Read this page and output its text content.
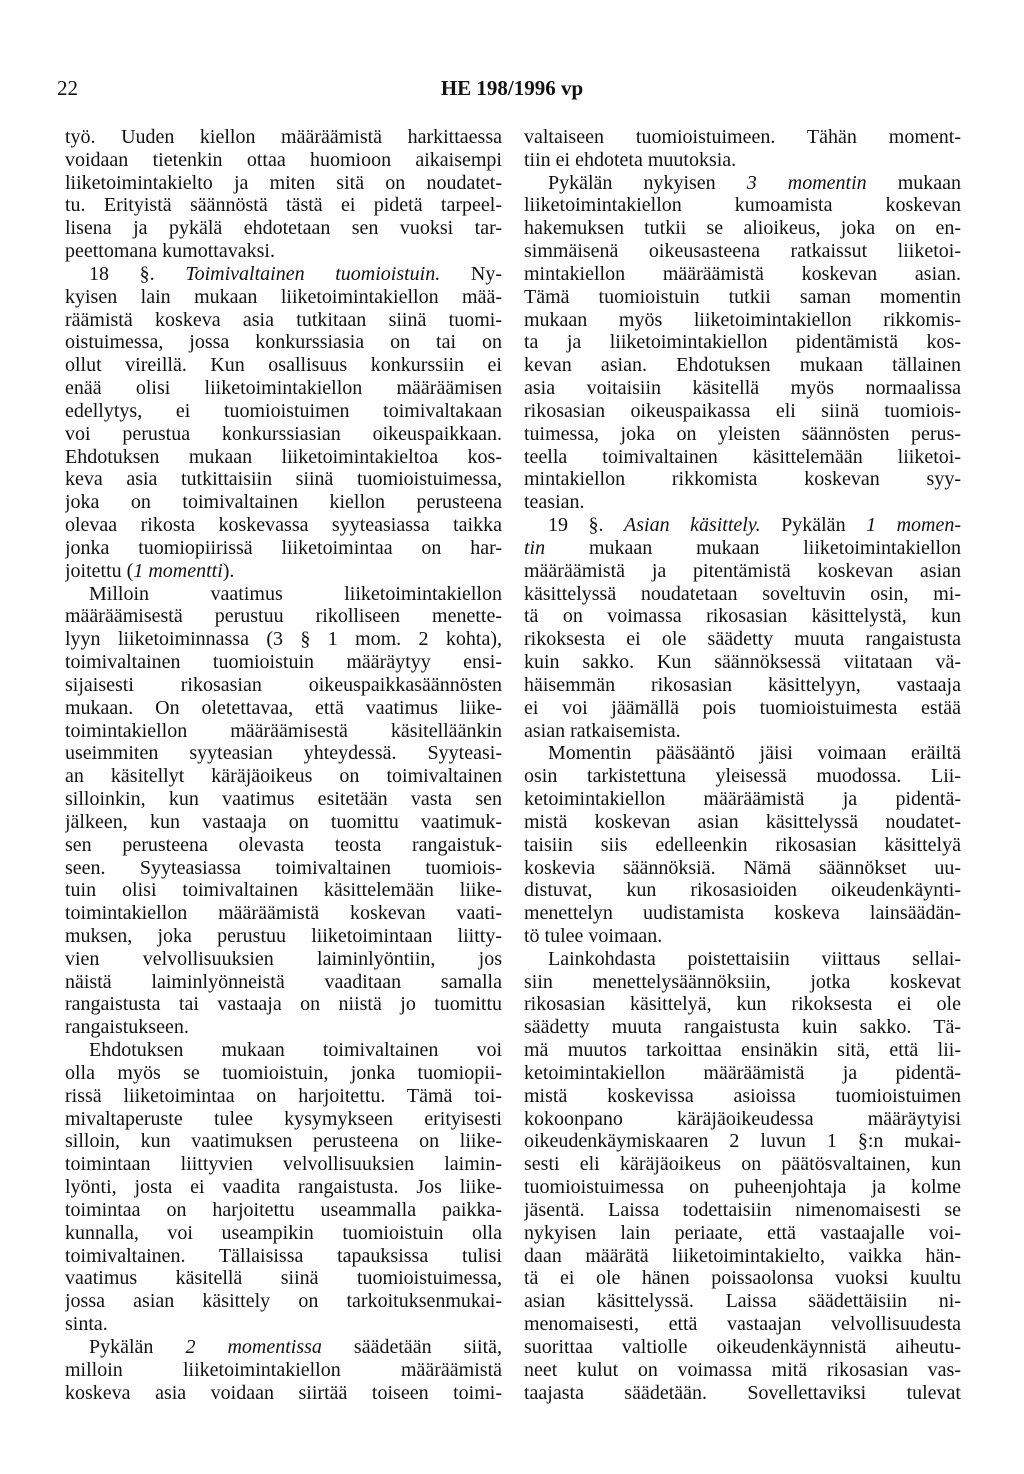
22	HE 198/1996 vp
työ. Uuden kiellon määräämistä harkittaessa
voidaan tietenkin ottaa huomioon aikaisempi
liiketoimintakielto ja miten sitä on noudatet-
tu. Erityistä säännöstä tästä ei pidetä tarpeel-
lisena ja pykälä ehdotetaan sen vuoksi tar-
peettomana kumottavaksi.
18 §. Toimivaltainen tuomioistuin. Ny-
kyisen lain mukaan liiketoimintakiellon mää-
räämistä koskeva asia tutkitaan siinä tuomi-
oistuimessa, jossa konkurssiasia on tai on
ollut vireillä. Kun osallisuus konkurssiin ei
enää olisi liiketoimintakiellon määräämisen
edellytys, ei tuomioistuimen toimivaltakaan
voi perustua konkurssiasian oikeuspaikkaan.
Ehdotuksen mukaan liiketoimintakieltoa kos-
keva asia tutkittaisiin siinä tuomioistuimessa,
joka on toimivaltainen kiellon perusteena
olevaa rikosta koskevassa syyteasiassa taikka
jonka tuomiopiirissä liiketoimintaa on har-
joitettu (1 momentti).
Milloin vaatimus liiketoimintakiellon
määräämisestä perustuu rikolliseen menette-
lyyn liiketoiminnassa (3 § 1 mom. 2 kohta),
toimivaltainen tuomioistuin määräytyy ensi-
sijaisesti rikosasian oikeuspaikkasäännösten
mukaan. On oletettavaa, että vaatimus liike-
toimintakiellon määräämisestä käsitelläänkin
useimmiten syyteasian yhteydessä. Syyteasi-
an käsitellyt käräjäoikeus on toimivaltainen
silloinkin, kun vaatimus esitetään vasta sen
jälkeen, kun vastaaja on tuomittu vaatimuk-
sen perusteena olevasta teosta rangaistuk-
seen. Syyteasiassa toimivaltainen tuomiois-
tuin olisi toimivaltainen käsittelemään liike-
toimintakiellon määräämistä koskevan vaati-
muksen, joka perustuu liiketoimintaan liitty-
vien velvollisuuksien laiminlyöntiin, jos
näistä laiminlyönneistä vaaditaan samalla
rangaistusta tai vastaaja on niistä jo tuomittu
rangaistukseen.
Ehdotuksen mukaan toimivaltainen voi
olla myös se tuomioistuin, jonka tuomiopii-
rissä liiketoimintaa on harjoitettu. Tämä toi-
mivaltaperuste tulee kysymykseen erityisesti
silloin, kun vaatimuksen perusteena on liike-
toimintaan liittyvien velvollisuuksien laimin-
lyönti, josta ei vaadita rangaistusta. Jos liike-
toimintaa on harjoitettu useammalla paikka-
kunnalla, voi useampikin tuomioistuin olla
toimivaltainen. Tällaisissa tapauksissa tulisi
vaatimus käsitellä siinä tuomioistuimessa,
jossa asian käsittely on tarkoituksenmukai-
sinta.
Pykälän 2 momentissa säädetään siitä,
milloin liiketoimintakiellon määräämistä
koskeva asia voidaan siirtää toiseen toimi-
valtaiseen tuomioistuimeen. Tähän moment-
tiin ei ehdoteta muutoksia.
Pykälän nykyisen 3 momentin mukaan
liiketoimintakiellon kumoamista koskevan
hakemuksen tutkii se alioikeus, joka on en-
simmäisenä oikeusasteena ratkaissut liiketoi-
mintakiellon määräämistä koskevan asian.
Tämä tuomioistuin tutkii saman momentin
mukaan myös liiketoimintakiellon rikkomis-
ta ja liiketoimintakiellon pidentämistä kos-
kevan asian. Ehdotuksen mukaan tällainen
asia voitaisiin käsitellä myös normaalissa
rikosasian oikeuspaikassa eli siinä tuomiois-
tuimessa, joka on yleisten säännösten perus-
teella toimivaltainen käsittelemään liiketoi-
mintakiellon rikkomista koskevan syy-
teasian.
19 §. Asian käsittely. Pykälän 1 momen-
tin mukaan mukaan liiketoimintakiellon
määräämistä ja pitentämistä koskevan asian
käsittelyssä noudatetaan soveltuvin osin, mi-
tä on voimassa rikosasian käsittelystä, kun
rikoksesta ei ole säädetty muuta rangaistusta
kuin sakko. Kun säännöksessä viitataan vä-
häisemmän rikosasian käsittelyyn, vastaaja
ei voi jäämällä pois tuomioistuimesta estää
asian ratkaisemista.
Momentin pääsääntö jäisi voimaan eräiltä
osin tarkistettuna yleisessä muodossa. Lii-
ketoimintakiellon määräämistä ja pidentä-
mistä koskevan asian käsittelyssä noudatet-
taisiin siis edelleenkin rikosasian käsittelyä
koskevia säännöksiä. Nämä säännökset uu-
distuvat, kun rikosasioiden oikeudenkäynti-
menettelyn uudistamista koskeva lainsäädän-
tö tulee voimaan.
Lainkohdasta poistettaisiin viittaus sellai-
siin menettelysäännöksiin, jotka koskevat
rikosasian käsittelyä, kun rikoksesta ei ole
säädetty muuta rangaistusta kuin sakko. Tä-
mä muutos tarkoittaa ensinäkin sitä, että lii-
ketoimintakiellon määräämistä ja pidentä-
mistä koskevissa asioissa tuomioistuimen
kokoonpano käräjäoikeudessa määräytyisi
oikeudenkäymiskaaren 2 luvun 1 §:n mukai-
sesti eli käräjäoikeus on päätösvaltainen, kun
tuomioistuimessa on puheenjohtaja ja kolme
jäsentä. Laissa todettaisiin nimenomaisesti se
nykyisen lain periaate, että vastaajalle voi-
daan määrätä liiketoimintakielto, vaikka hän-
tä ei ole hänen poissaolonsa vuoksi kuultu
asian käsittelyssä. Laissa säädettäisiin ni-
menomaisesti, että vastaajan velvollisuudesta
suorittaa valtiolle oikeudenkäynnistä aiheutu-
neet kulut on voimassa mitä rikosasian vas-
taajasta säädetään. Sovellettaviksi tulevat
